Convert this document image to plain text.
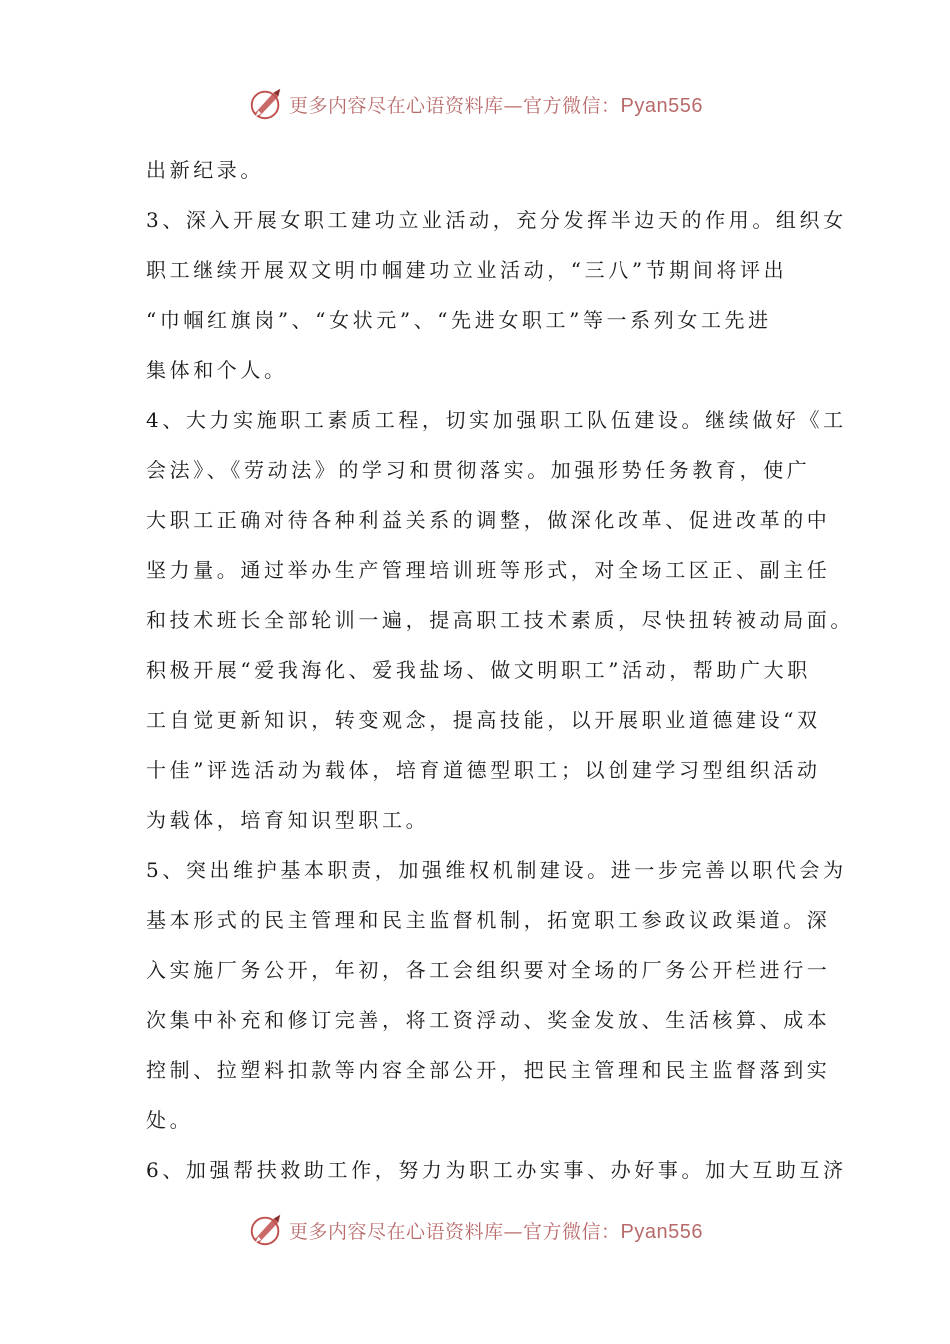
更多内容尽在心语资料库—官方微信：Pyan556
出新纪录。
3、深入开展女职工建功立业活动，充分发挥半边天的作用。组织女
职工继续开展双文明巾帼建功立业活动，“三八”节期间将评出
“巾帼红旗岗”、“女状元”、“先进女职工”等一系列女工先进
集体和个人。
4、大力实施职工素质工程，切实加强职工队伍建设。继续做好《工
会法》、《劳动法》的学习和贯彻落实。加强形势任务教育，使广
大职工正确对待各种利益关系的调整，做深化改革、促进改革的中
坚力量。通过举办生产管理培训班等形式，对全场工区正、副主任
和技术班长全部轮训一遍，提高职工技术素质，尽快扭转被动局面。
积极开展“爱我海化、爱我盐场、做文明职工”活动，帮助广大职
工自觉更新知识，转变观念，提高技能，以开展职业道德建设“双
十佳”评选活动为载体，培育道德型职工；以创建学习型组织活动
为载体，培育知识型职工。
5、突出维护基本职责，加强维权机制建设。进一步完善以职代会为
基本形式的民主管理和民主监督机制，拓宽职工参政议政渠道。深
入实施厂务公开，年初，各工会组织要对全场的厂务公开栏进行一
次集中补充和修订完善，将工资浮动、奖金发放、生活核算、成本
控制、拉塑料扣款等内容全部公开，把民主管理和民主监督落到实
处。
6、加强帮扶救助工作，努力为职工办实事、办好事。加大互助互济
更多内容尽在心语资料库—官方微信：Pyan556
